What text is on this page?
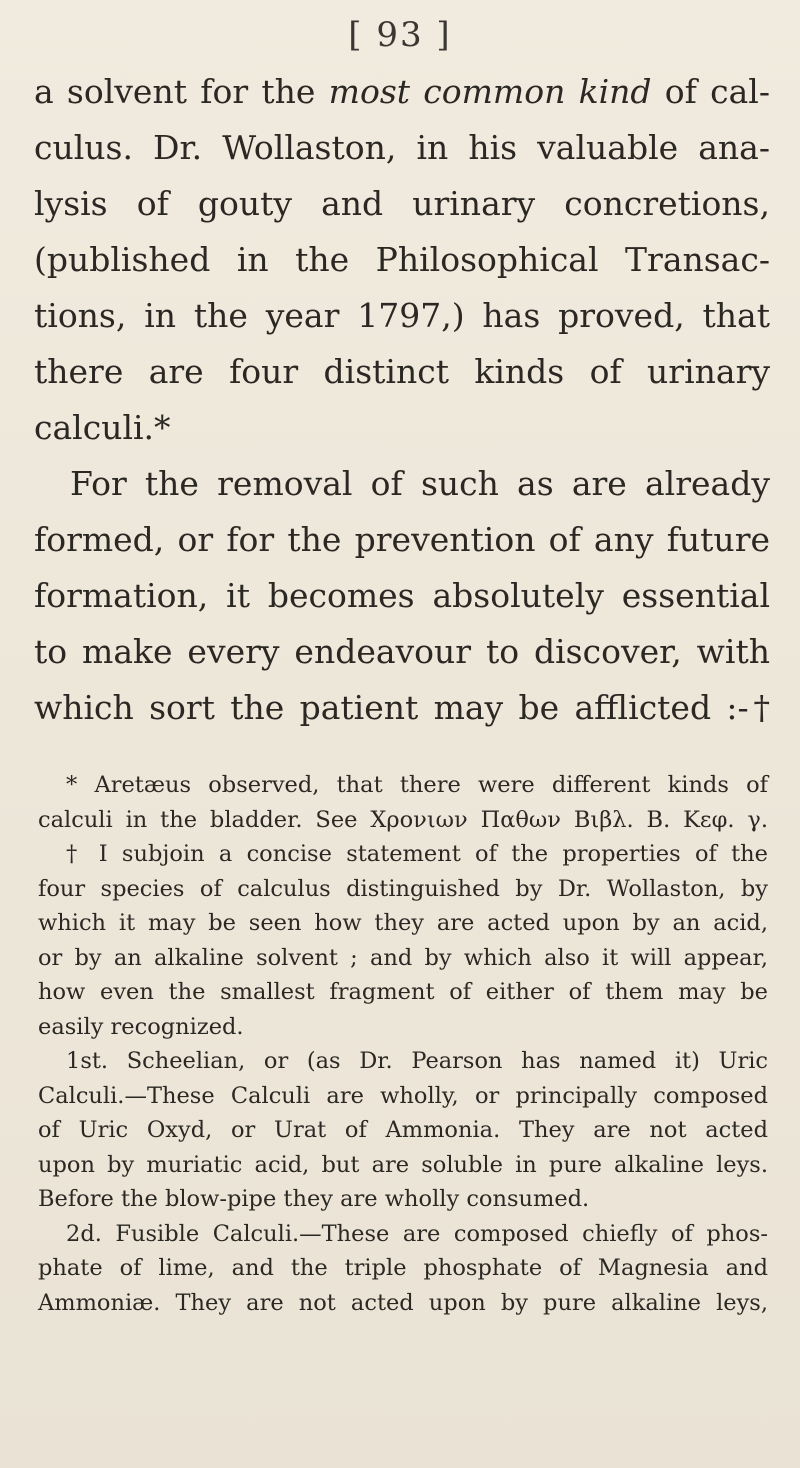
[ 93 ]
a solvent for the most common kind of cal-
culus. Dr. Wollaston, in his valuable ana-
lysis of gouty and urinary concretions,
(published in the Philosophical Transac-
tions, in the year 1797,) has proved, that
there are four distinct kinds of urinary
calculi.*
For the removal of such as are already
formed, or for the prevention of any future
formation, it becomes absolutely essential
to make every endeavour to discover, with
which sort the patient may be afflicted :-†
* Aretæus observed, that there were different kinds of
calculi in the bladder. See Χρονιων Παθων Βιβλ. Β. Κεφ. γ.
† I subjoin a concise statement of the properties of the
four species of calculus distinguished by Dr. Wollaston, by
which it may be seen how they are acted upon by an acid,
or by an alkaline solvent ; and by which also it will appear,
how even the smallest fragment of either of them may be
easily recognized.
1st. Scheelian, or (as Dr. Pearson has named it) Uric
Calculi.—These Calculi are wholly, or principally composed
of Uric Oxyd, or Urat of Ammonia. They are not acted
upon by muriatic acid, but are soluble in pure alkaline leys.
Before the blow-pipe they are wholly consumed.
2d. Fusible Calculi.—These are composed chiefly of phos-
phate of lime, and the triple phosphate of Magnesia and
Ammoniæ. They are not acted upon by pure alkaline leys,
